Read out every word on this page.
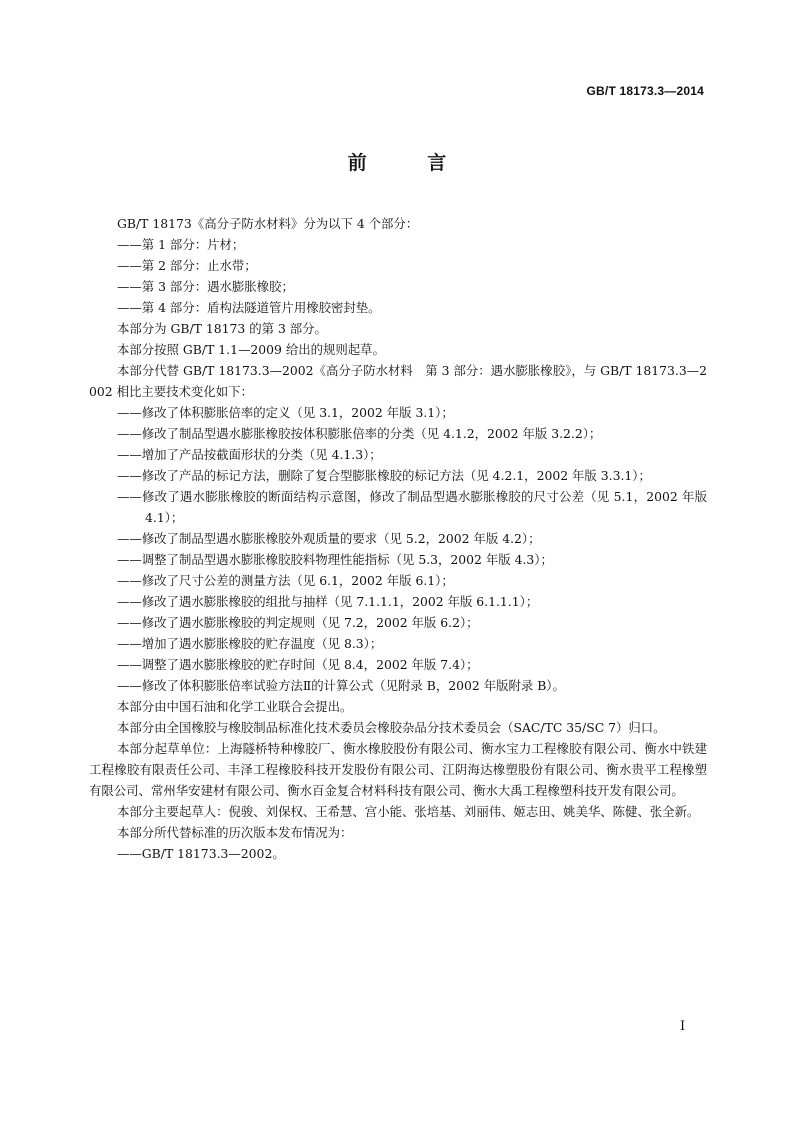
GB/T 18173.3—2014
前 言

GB/T 18173《高分子防水材料》分为以下 4 个部分：

——第 1 部分：片材；

——第 2 部分：止水带；

——第 3 部分：遇水膨胀橡胶；

——第 4 部分：盾构法隧道管片用橡胶密封垫。

本部分为 GB/T 18173 的第 3 部分。

本部分按照 GB/T 1.1—2009 给出的规则起草。

本部分代替 GB/T 18173.3—2002《高分子防水材料　第 3 部分：遇水膨胀橡胶》，与 GB/T 18173.3—2002 相比主要技术变化如下：

——修改了体积膨胀倍率的定义（见 3.1，2002 年版 3.1）；

——修改了制品型遇水膨胀橡胶按体积膨胀倍率的分类（见 4.1.2，2002 年版 3.2.2）；

——增加了产品按截面形状的分类（见 4.1.3）；

——修改了产品的标记方法，删除了复合型膨胀橡胶的标记方法（见 4.2.1，2002 年版 3.3.1）；

——修改了遇水膨胀橡胶的断面结构示意图，修改了制品型遇水膨胀橡胶的尺寸公差（见 5.1，2002 年版 4.1）；

——修改了制品型遇水膨胀橡胶外观质量的要求（见 5.2，2002 年版 4.2）；

——调整了制品型遇水膨胀橡胶胶料物理性能指标（见 5.3，2002 年版 4.3）；

——修改了尺寸公差的测量方法（见 6.1，2002 年版 6.1）；

——修改了遇水膨胀橡胶的组批与抽样（见 7.1.1.1，2002 年版 6.1.1.1）；

——修改了遇水膨胀橡胶的判定规则（见 7.2，2002 年版 6.2）；

——增加了遇水膨胀橡胶的贮存温度（见 8.3）；

——调整了遇水膨胀橡胶的贮存时间（见 8.4，2002 年版 7.4）；

——修改了体积膨胀倍率试验方法Ⅱ的计算公式（见附录 B，2002 年版附录 B）。

本部分由中国石油和化学工业联合会提出。

本部分由全国橡胶与橡胶制品标准化技术委员会橡胶杂品分技术委员会（SAC/TC 35/SC 7）归口。

本部分起草单位：上海隧桥特种橡胶厂、衡水橡胶股份有限公司、衡水宝力工程橡胶有限公司、衡水中铁建工程橡胶有限责任公司、丰泽工程橡胶科技开发股份有限公司、江阴海达橡塑股份有限公司、衡水贵平工程橡塑有限公司、常州华安建材有限公司、衡水百金复合材料科技有限公司、衡水大禹工程橡塑科技开发有限公司。

本部分主要起草人：倪骏、刘保权、王希慧、宫小能、张培基、刘丽伟、姬志田、姚美华、陈健、张全新。

本部分所代替标准的历次版本发布情况为：

——GB/T 18173.3—2002。

Ⅰ
